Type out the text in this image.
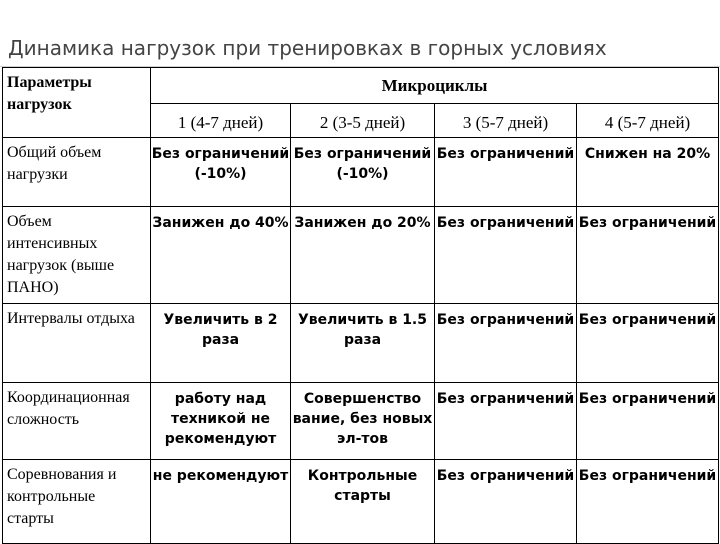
Динамика нагрузок при тренировках в горных условиях
Параметры нагрузок	Микроциклы			
	1 (4-7 дней)	2 (3-5 дней)	3 (5-7 дней)	4 (5-7 дней)
Общий объем нагрузки	Без ограничений (-10%)	Без ограничений (-10%)	Без ограничений	Снижен на 20%
Объем интенсивных нагрузок (выше ПАНО)	Занижен до 40%	Занижен до 20%	Без ограничений	Без ограничений
Интервалы отдыха	Увеличить в 2 раза	Увеличить в 1.5 раза	Без ограничений	Без ограничений
Координационная сложность	работу над техникой не рекомендуют	Совершенство вание, без новых эл-тов	Без ограничений	Без ограничений
Соревнования и контрольные старты	не рекомендуют	Контрольные старты	Без ограничений	Без ограничений
